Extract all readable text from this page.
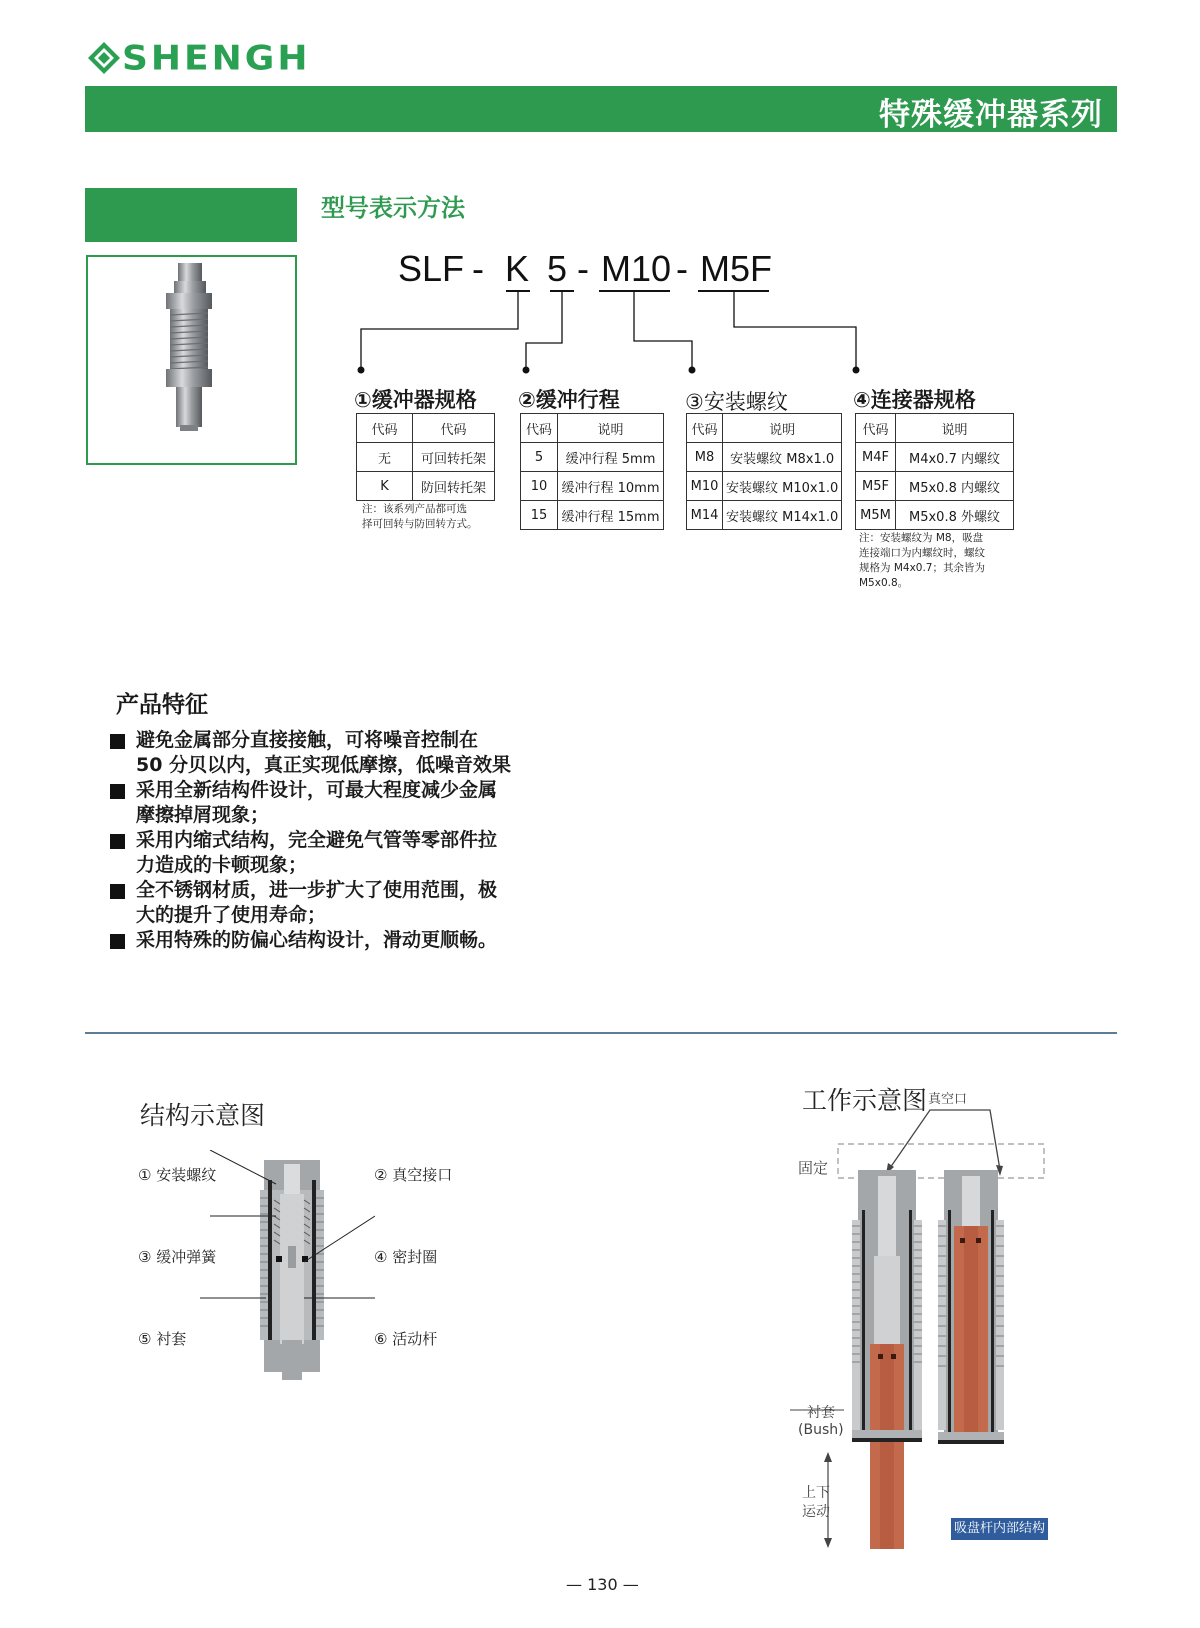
SHENGH
特殊缓冲器系列
型号表示方法
SLF - K 5 - M10 - M5F
①缓冲器规格
代码	代码
无	可回转托架
K	防回转托架
注：该系列产品都可选
择可回转与防回转方式。
②缓冲行程
代码	说明
5	缓冲行程 5mm
10	缓冲行程 10mm
15	缓冲行程 15mm
③安装螺纹
代码	说明
M8	安装螺纹 M8x1.0
M10	安装螺纹 M10x1.0
M14	安装螺纹 M14x1.0
④连接器规格
代码	说明
M4F	M4x0.7 内螺纹
M5F	M5x0.8 内螺纹
M5M	M5x0.8 外螺纹
注：安装螺纹为 M8，吸盘
连接端口为内螺纹时，螺纹
规格为 M4x0.7；其余皆为
M5x0.8。
产品特征
避免金属部分直接接触，可将噪音控制在
50 分贝以内，真正实现低摩擦，低噪音效果
采用全新结构件设计，可最大程度减少金属
摩擦掉屑现象；
采用内缩式结构，完全避免气管等零部件拉
力造成的卡顿现象；
全不锈钢材质，进一步扩大了使用范围，极
大的提升了使用寿命；
采用特殊的防偏心结构设计，滑动更顺畅。
结构示意图
① 安装螺纹	② 真空接口
③ 缓冲弹簧	④ 密封圈
⑤ 衬套	⑥ 活动杆
工作示意图 真空口
固定
衬套
(Bush)
上下
运动
吸盘杆内部结构
— 130 —
